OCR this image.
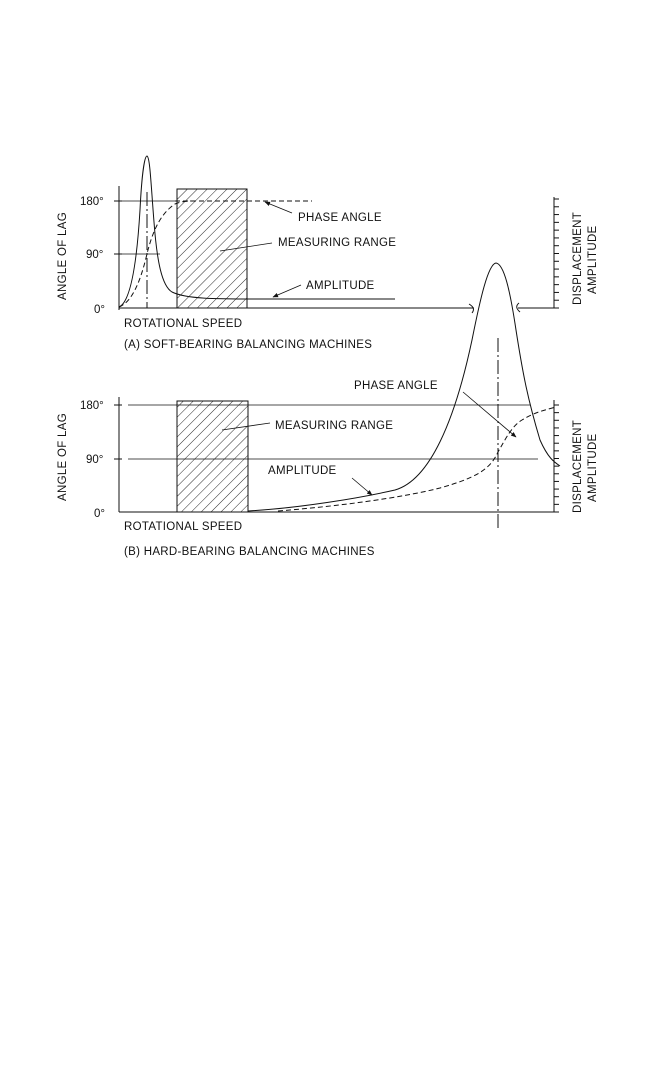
ANGLE OF LAG
180°
90°
0°
ROTATIONAL SPEED
PHASE ANGLE
MEASURING RANGE
AMPLITUDE
(A) SOFT-BEARING BALANCING MACHINES
DISPLACEMENT AMPLITUDE
ANGLE OF LAG
180°
90°
0°
ROTATIONAL SPEED
PHASE ANGLE
MEASURING RANGE
AMPLITUDE
(B) HARD-BEARING BALANCING MACHINES
DISPLACEMENT AMPLITUDE
